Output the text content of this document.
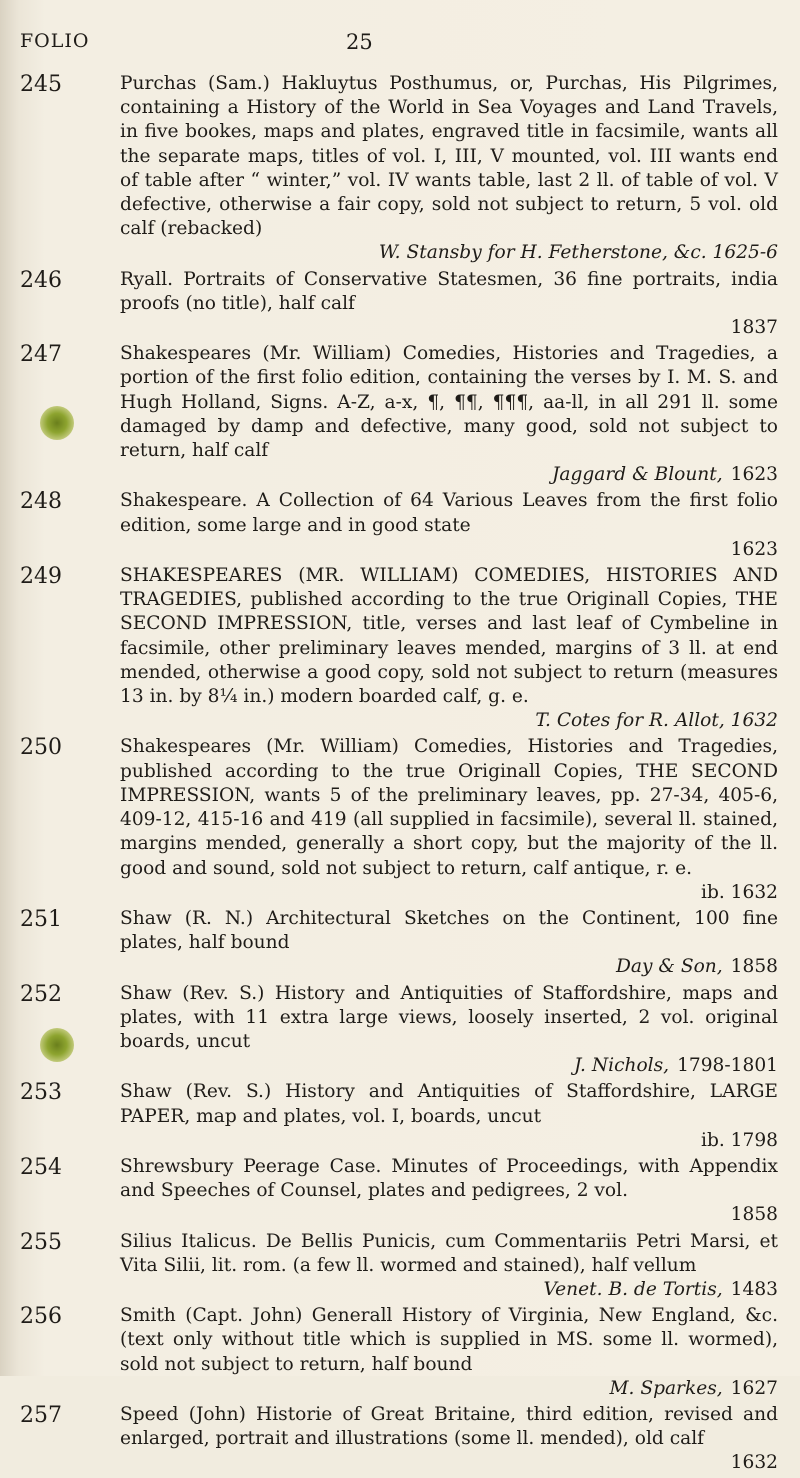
FOLIO	25
245	Purchas (Sam.) Hakluytus Posthumus, or, Purchas, His Pilgrimes, containing a History of the World in Sea Voyages and Land Travels, in five bookes, maps and plates, engraved title in facsimile, wants all the separate maps, titles of vol. I, III, V mounted, vol. III wants end of table after “ winter,” vol. IV wants table, last 2 ll. of table of vol. V defective, otherwise a fair copy, sold not subject to return, 5 vol. old calf (rebacked)
W. Stansby for H. Fetherstone, &c. 1625-6
246	Ryall. Portraits of Conservative Statesmen, 36 fine portraits, india proofs (no title), half calf
1837
247	Shakespeares (Mr. William) Comedies, Histories and Tragedies, a portion of the first folio edition, containing the verses by I. M. S. and Hugh Holland, Signs. A-Z, a-x, ¶, ¶¶, ¶¶¶, aa-ll, in all 291 ll. some damaged by damp and defective, many good, sold not subject to return, half calf
Jaggard & Blount, 1623
248	Shakespeare. A Collection of 64 Various Leaves from the first folio edition, some large and in good state
1623
249	SHAKESPEARES (MR. WILLIAM) COMEDIES, HISTORIES AND TRAGEDIES, published according to the true Originall Copies, THE SECOND IMPRESSION, title, verses and last leaf of Cymbeline in facsimile, other preliminary leaves mended, margins of 3 ll. at end mended, otherwise a good copy, sold not subject to return (measures 13 in. by 8¼ in.) modern boarded calf, g. e.
T. Cotes for R. Allot, 1632
250	Shakespeares (Mr. William) Comedies, Histories and Tragedies, published according to the true Originall Copies, THE SECOND IMPRESSION, wants 5 of the preliminary leaves, pp. 27-34, 405-6, 409-12, 415-16 and 419 (all supplied in facsimile), several ll. stained, margins mended, generally a short copy, but the majority of the ll. good and sound, sold not subject to return, calf antique, r. e.
ib. 1632
251	Shaw (R. N.) Architectural Sketches on the Continent, 100 fine plates, half bound
Day & Son, 1858
252	Shaw (Rev. S.) History and Antiquities of Staffordshire, maps and plates, with 11 extra large views, loosely inserted, 2 vol. original boards, uncut
J. Nichols, 1798-1801
253	Shaw (Rev. S.) History and Antiquities of Staffordshire, LARGE PAPER, map and plates, vol. I, boards, uncut
ib. 1798
254	Shrewsbury Peerage Case. Minutes of Proceedings, with Appendix and Speeches of Counsel, plates and pedigrees, 2 vol.
1858
255	Silius Italicus. De Bellis Punicis, cum Commentariis Petri Marsi, et Vita Silii, lit. rom. (a few ll. wormed and stained), half vellum
Venet. B. de Tortis, 1483
256	Smith (Capt. John) Generall History of Virginia, New England, &c. (text only without title which is supplied in MS. some ll. wormed), sold not subject to return, half bound
M. Sparkes, 1627
257	Speed (John) Historie of Great Britaine, third edition, revised and enlarged, portrait and illustrations (some ll. mended), old calf
1632
